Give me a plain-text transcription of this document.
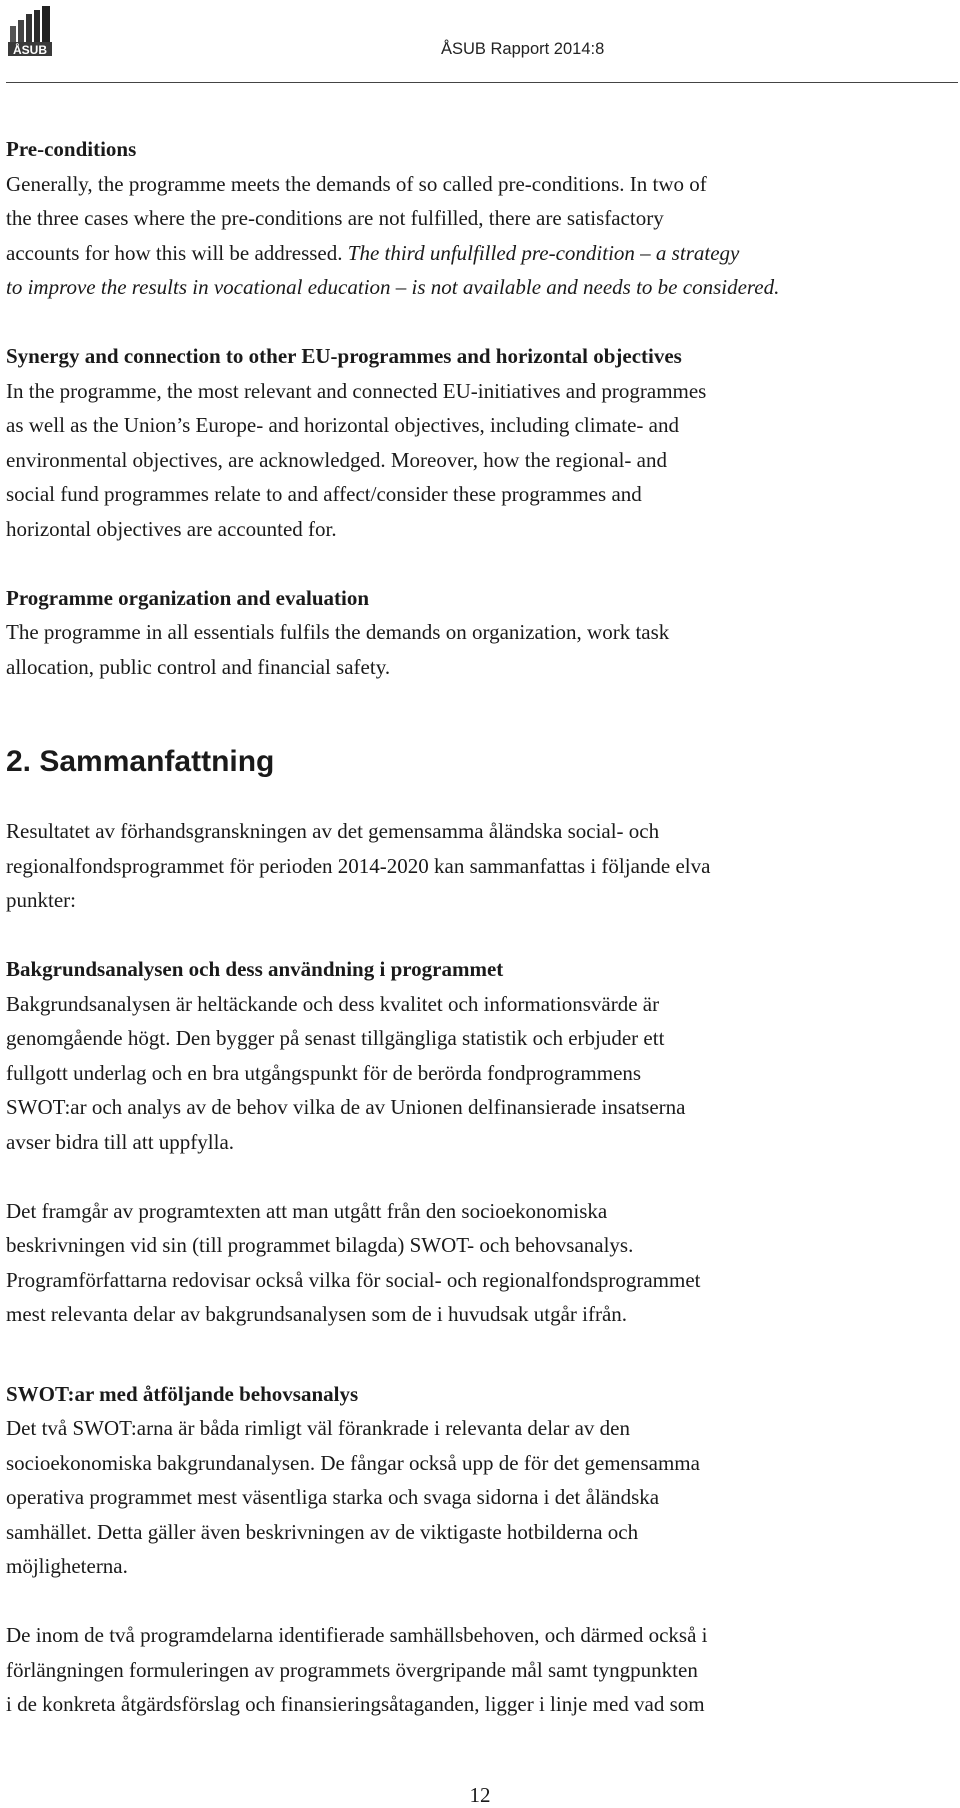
ÅSUB	ÅSUB Rapport 2014:8

Pre-conditions

Generally, the programme meets the demands of so called pre-conditions. In two of
the three cases where the pre-conditions are not fulfilled, there are satisfactory
accounts for how this will be addressed. The third unfulfilled pre-condition – a strategy
to improve the results in vocational education – is not available and needs to be considered.

Synergy and connection to other EU-programmes and horizontal objectives

In the programme, the most relevant and connected EU-initiatives and programmes
as well as the Union’s Europe- and horizontal objectives, including climate- and
environmental objectives, are acknowledged. Moreover, how the regional- and
social fund programmes relate to and affect/consider these programmes and
horizontal objectives are accounted for.

Programme organization and evaluation

The programme in all essentials fulfils the demands on organization, work task
allocation, public control and financial safety.

2. Sammanfattning

Resultatet av förhandsgranskningen av det gemensamma åländska social- och
regionalfondsprogrammet för perioden 2014-2020 kan sammanfattas i följande elva
punkter:

Bakgrundsanalysen och dess användning i programmet

Bakgrundsanalysen är heltäckande och dess kvalitet och informationsvärde är
genomgående högt. Den bygger på senast tillgängliga statistik och erbjuder ett
fullgott underlag och en bra utgångspunkt för de berörda fondprogrammens
SWOT:ar och analys av de behov vilka de av Unionen delfinansierade insatserna
avser bidra till att uppfylla.

Det framgår av programtexten att man utgått från den socioekonomiska
beskrivningen vid sin (till programmet bilagda) SWOT- och behovsanalys.
Programförfattarna redovisar också vilka för social- och regionalfondsprogrammet
mest relevanta delar av bakgrundsanalysen som de i huvudsak utgår ifrån.

SWOT:ar med åtföljande behovsanalys

Det två SWOT:arna är båda rimligt väl förankrade i relevanta delar av den
socioekonomiska bakgrundanalysen. De fångar också upp de för det gemensamma
operativa programmet mest väsentliga starka och svaga sidorna i det åländska
samhället. Detta gäller även beskrivningen av de viktigaste hotbilderna och
möjligheterna.

De inom de två programdelarna identifierade samhällsbehoven, och därmed också i
förlängningen formuleringen av programmets övergripande mål samt tyngpunkten
i de konkreta åtgärdsförslag och finansieringsåtaganden, ligger i linje med vad som

12
